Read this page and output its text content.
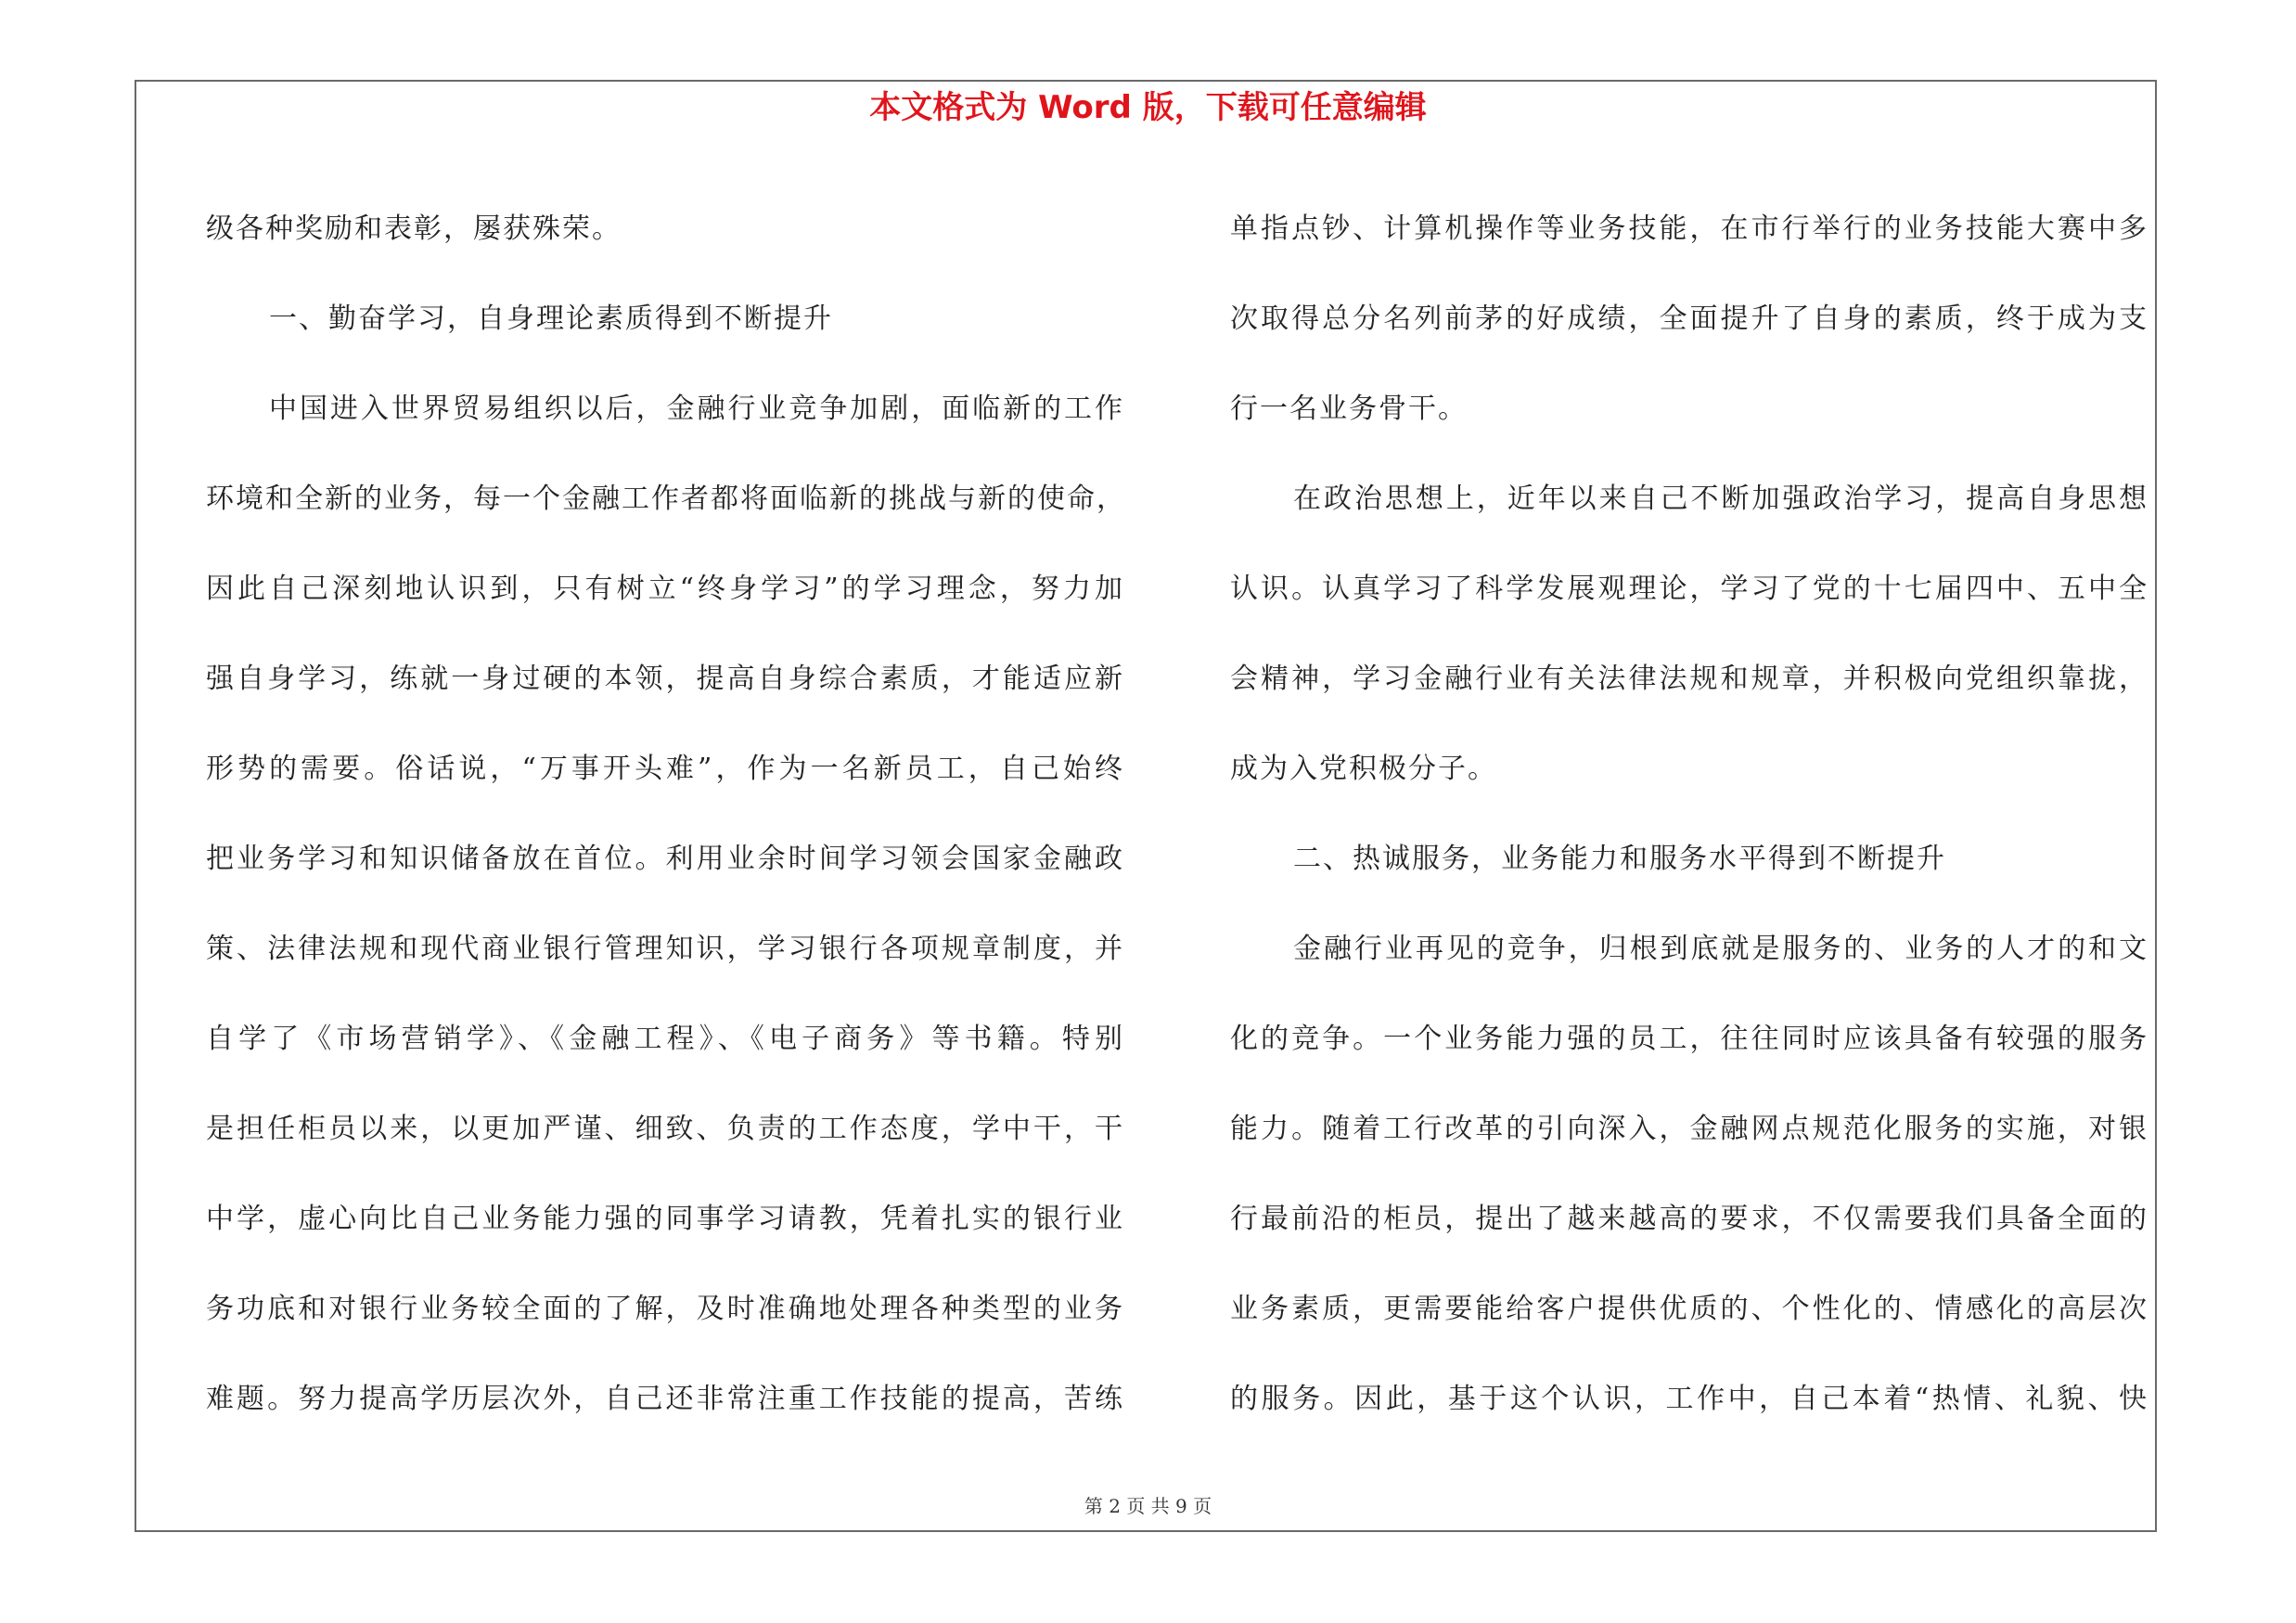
本文格式为 Word 版，下载可任意编辑
级各种奖励和表彰，屡获殊荣。
一、勤奋学习，自身理论素质得到不断提升
中国进入世界贸易组织以后，金融行业竞争加剧，面临新的工作
环境和全新的业务，每一个金融工作者都将面临新的挑战与新的使命，
因此自己深刻地认识到，只有树立“终身学习”的学习理念，努力加
强自身学习，练就一身过硬的本领，提高自身综合素质，才能适应新
形势的需要。俗话说，“万事开头难”，作为一名新员工，自己始终
把业务学习和知识储备放在首位。利用业余时间学习领会国家金融政
策、法律法规和现代商业银行管理知识，学习银行各项规章制度，并
自学了《市场营销学》、《金融工程》、《电子商务》等书籍。特别
是担任柜员以来，以更加严谨、细致、负责的工作态度，学中干，干
中学，虚心向比自己业务能力强的同事学习请教，凭着扎实的银行业
务功底和对银行业务较全面的了解，及时准确地处理各种类型的业务
难题。努力提高学历层次外，自己还非常注重工作技能的提高，苦练
单指点钞、计算机操作等业务技能，在市行举行的业务技能大赛中多
次取得总分名列前茅的好成绩，全面提升了自身的素质，终于成为支
行一名业务骨干。
在政治思想上，近年以来自己不断加强政治学习，提高自身思想
认识。认真学习了科学发展观理论，学习了党的十七届四中、五中全
会精神，学习金融行业有关法律法规和规章，并积极向党组织靠拢，
成为入党积极分子。
二、热诚服务，业务能力和服务水平得到不断提升
金融行业再见的竞争，归根到底就是服务的、业务的人才的和文
化的竞争。一个业务能力强的员工，往往同时应该具备有较强的服务
能力。随着工行改革的引向深入，金融网点规范化服务的实施，对银
行最前沿的柜员，提出了越来越高的要求，不仅需要我们具备全面的
业务素质，更需要能给客户提供优质的、个性化的、情感化的高层次
的服务。因此，基于这个认识，工作中，自己本着“热情、礼貌、快
第 2 页 共 9 页
